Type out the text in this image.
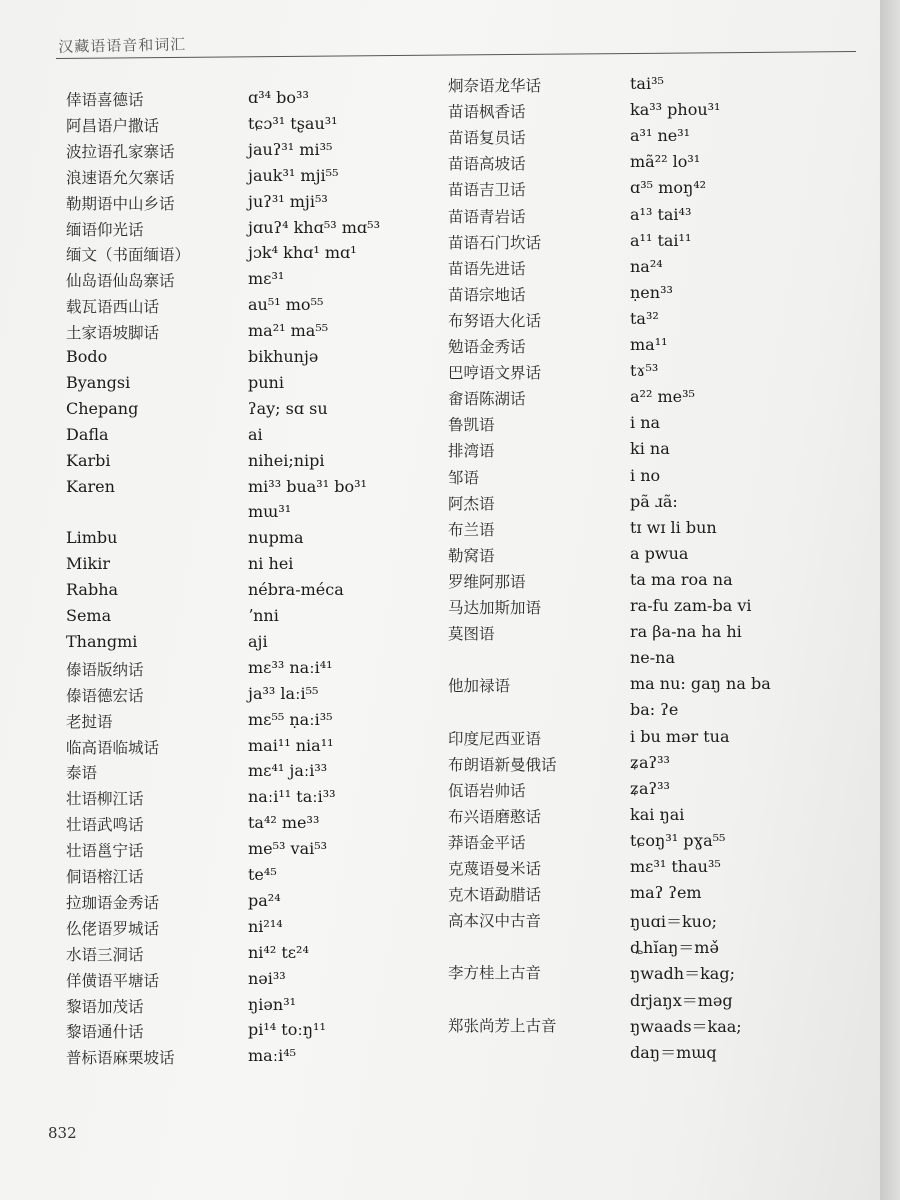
汉藏语语音和词汇
倖语喜德话	ɑ³⁴ bo³³
阿昌语户撒话	tɕɔ³¹ tʂau³¹
波拉语孔家寨话	jauʔ³¹ mi³⁵
浪速语允欠寨话	jauk³¹ mji⁵⁵
勒期语中山乡话	juʔ³¹ mji⁵³
缅语仰光话	jɑuʔ⁴ khɑ⁵³ mɑ⁵³
缅文（书面缅语）	jɔk⁴ khɑ¹ mɑ¹
仙岛语仙岛寨话	mɛ³¹
载瓦语西山话	au⁵¹ mo⁵⁵
土家语坡脚话	ma²¹ ma⁵⁵
Bodo	bikhunjə
Byangsi	puni
Chepang	ʔay; sɑ su
Dafla	ai
Karbi	nihei;nipi
Karen	mi³³ bua³¹ bo³¹
mɯ³¹
Limbu	nupma
Mikir	ni hei
Rabha	nébra-méca
Sema	ʼnni
Thangmi	aji
傣语版纳话	mɛ³³ naːi⁴¹
傣语德宏话	ja³³ laːi⁵⁵
老挝语	mɛ⁵⁵ ṇaːi³⁵
临高语临城话	mai¹¹ nia¹¹
泰语	mɛ⁴¹ jaːi³³
壮语柳江话	naːi¹¹ taːi³³
壮语武鸣话	ta⁴² me³³
壮语邕宁话	me⁵³ vai⁵³
侗语榕江话	te⁴⁵
拉珈语金秀话	pa²⁴
仫佬语罗城话	ni²¹⁴
水语三洞话	ni⁴² tɛ²⁴
佯僙语平塘话	nəi³³
黎语加茂话	ŋiən³¹
黎语通什话	pi¹⁴ toːŋ¹¹
普标语麻栗坡话	maːi⁴⁵
炯奈语龙华话	tai³⁵
苗语枫香话	ka³³ phou³¹
苗语复员话	a³¹ ne³¹
苗语高坡话	mã²² lo³¹
苗语吉卫话	ɑ³⁵ moŋ⁴²
苗语青岩话	a¹³ tai⁴³
苗语石门坎话	a¹¹ tai¹¹
苗语先进话	na²⁴
苗语宗地话	ṇen³³
布努语大化话	ta³²
勉语金秀话	ma¹¹
巴哼语文界话	tɤ⁵³
畲语陈湖话	a²² me³⁵
鲁凯语	i na
排湾语	ki na
邹语	i no
阿杰语	pã ɹã:
布兰语	tɪ wɪ li bun
勒窝语	a pwua
罗维阿那语	ta ma roa na
马达加斯加语	ra-fu zam-ba vi
莫图语	ra βa-na ha hi
ne-na
他加禄语	ma nu: gaŋ na ba
ba: ʔe
印度尼西亚语	i bu mər tua
布朗语新曼俄话	ʑaʔ³³
佤语岩帅话	ʑaʔ³³
布兴语磨憨话	kai ŋai
莽语金平话	tɕoŋ³¹ pɣa⁵⁵
克蔑语曼米话	mɛ³¹ thau³⁵
克木语勐腊话	maʔ ʔem
高本汉中古音	ŋuɑi＝kuo;
ȡhĭaŋ＝mǝ̌
李方桂上古音	ŋwadh＝kag;
drjaŋx＝məg
郑张尚芳上古音	ŋwaads＝kaa;
daŋ＝mɯq
832
